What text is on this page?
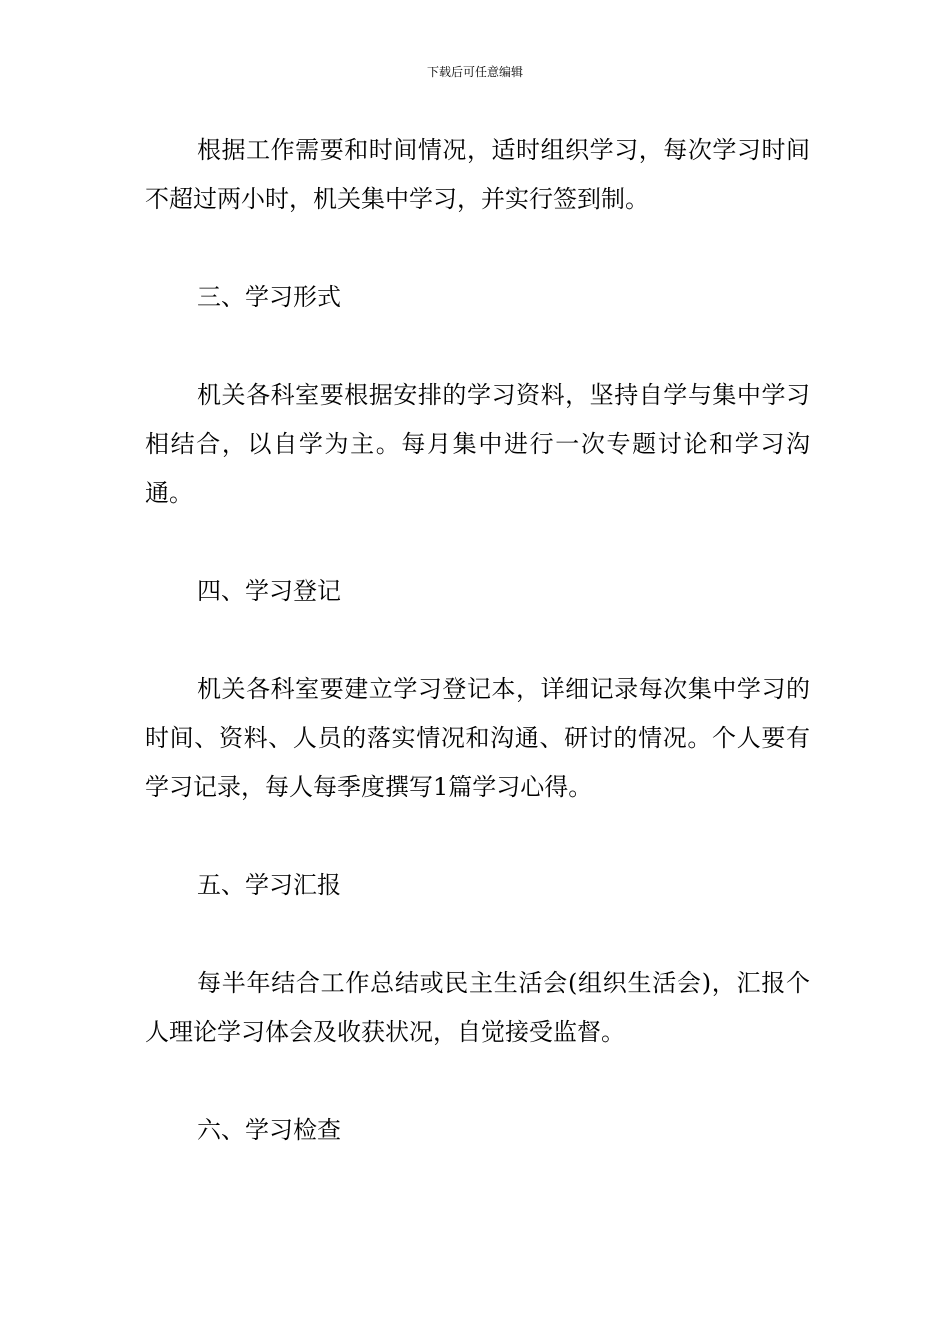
下载后可任意编辑

根据工作需要和时间情况，适时组织学习，每次学习时间不超过两小时，机关集中学习，并实行签到制。

三、学习形式

机关各科室要根据安排的学习资料，坚持自学与集中学习相结合，以自学为主。每月集中进行一次专题讨论和学习沟通。

四、学习登记

机关各科室要建立学习登记本，详细记录每次集中学习的时间、资料、人员的落实情况和沟通、研讨的情况。个人要有学习记录，每人每季度撰写1篇学习心得。

五、学习汇报

每半年结合工作总结或民主生活会(组织生活会)，汇报个人理论学习体会及收获状况，自觉接受监督。

六、学习检查
